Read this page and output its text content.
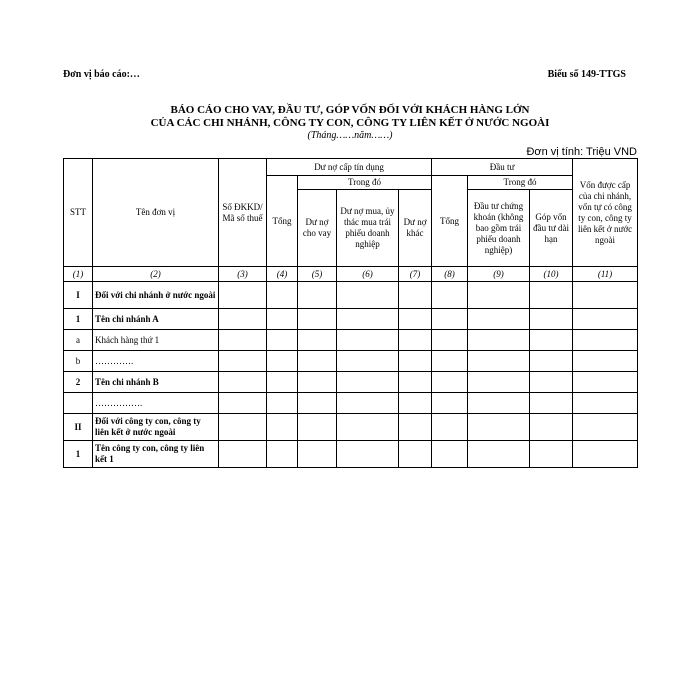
Đơn vị báo cáo:…	Biểu số 149-TTGS
BÁO CÁO CHO VAY, ĐẦU TƯ, GÓP VỐN ĐỐI VỚI KHÁCH HÀNG LỚN
CỦA CÁC CHI NHÁNH, CÔNG TY CON, CÔNG TY LIÊN KẾT Ở NƯỚC NGOÀI
(Tháng……năm……)
Đơn vị tính: Triệu VND
STT	Tên đơn vị	Số ĐKKD/ Mã số thuế	Dư nợ cấp tín dụng				Đầu tư			Vốn được cấp của chi nhánh, vốn tự có công ty con, công ty liên kết ở nước ngoài
			Tổng	Trong đó			Tổng	Trong đó		
				Dư nợ cho vay	Dư nợ mua, ủy thác mua trái phiếu doanh nghiệp	Dư nợ khác		Đầu tư chứng khoán (không bao gồm trái phiếu doanh nghiệp)	Góp vốn đầu tư dài hạn	
(1)	(2)	(3)	(4)	(5)	(6)	(7)	(8)	(9)	(10)	(11)
I	Đối với chi nhánh ở nước ngoài									
1	Tên chi nhánh A									
a	Khách hàng thứ 1									
b	………….									
2	Tên chi nhánh B									
	…………….									
II	Đối với công ty con, công ty liên kết ở nước ngoài									
1	Tên công ty con, công ty liên kết 1									
